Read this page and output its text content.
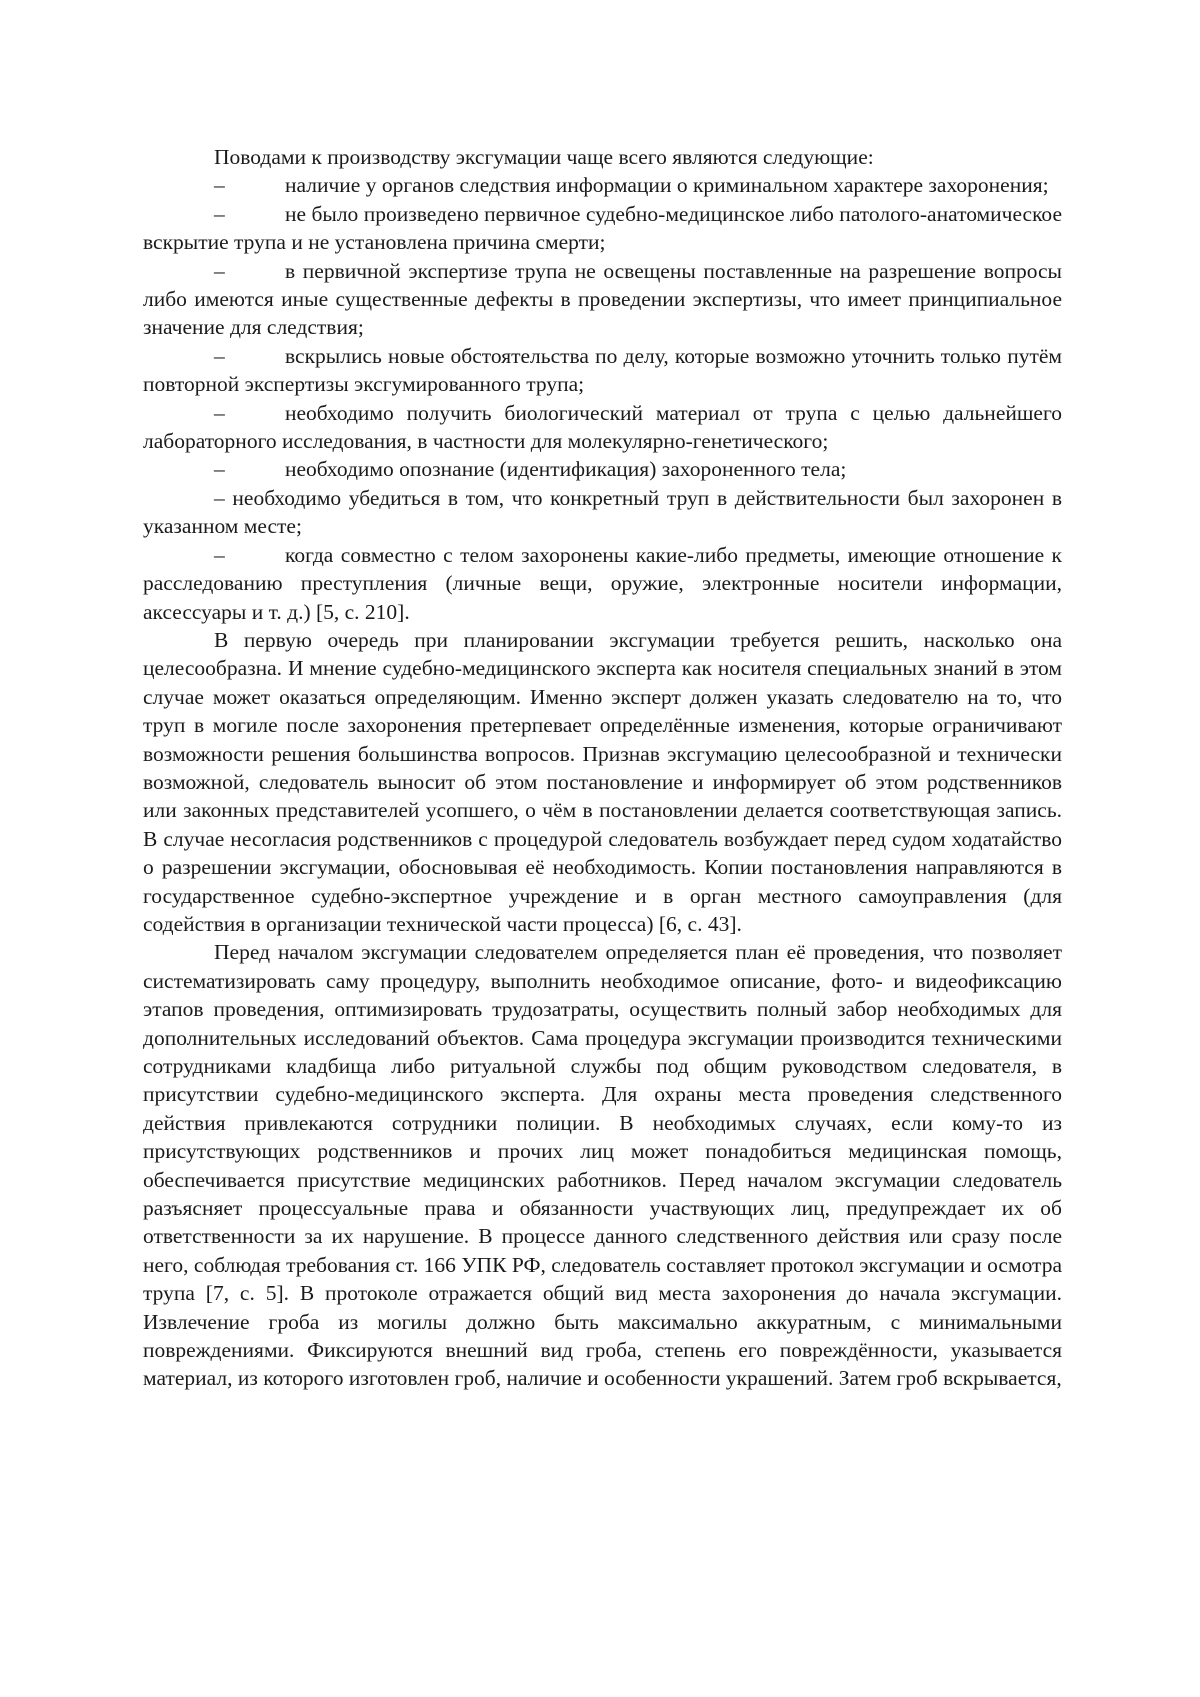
Поводами к производству эксгумации чаще всего являются следующие:

–	наличие у органов следствия информации о криминальном характере захоронения;

–	не было произведено первичное судебно-медицинское либо патолого-анатомическое вскрытие трупа и не установлена причина смерти;

–	в первичной экспертизе трупа не освещены поставленные на разрешение вопросы либо имеются иные существенные дефекты в проведении экспертизы, что имеет принципиальное значение для следствия;

–	вскрылись новые обстоятельства по делу, которые возможно уточнить только путём повторной экспертизы эксгумированного трупа;

–	необходимо получить биологический материал от трупа с целью дальнейшего лабораторного исследования, в частности для молекулярно-генетического;

–	необходимо опознание (идентификация) захороненного тела;

– необходимо убедиться в том, что конкретный труп в действительности был захоронен в указанном месте;

–	когда совместно с телом захоронены какие-либо предметы, имеющие отношение к расследованию преступления (личные вещи, оружие, электронные носители информации, аксессуары и т. д.) [5, с. 210].

В первую очередь при планировании эксгумации требуется решить, насколько она целесообразна. И мнение судебно-медицинского эксперта как носителя специальных знаний в этом случае может оказаться определяющим. Именно эксперт должен указать следователю на то, что труп в могиле после захоронения претерпевает определённые изменения, которые ограничивают возможности решения большинства вопросов. Признав эксгумацию целесообразной и технически возможной, следователь выносит об этом постановление и информирует об этом родственников или законных представителей усопшего, о чём в постановлении делается соответствующая запись. В случае несогласия родственников с процедурой следователь возбуждает перед судом ходатайство о разрешении эксгумации, обосновывая её необходимость. Копии постановления направляются в государственное судебно-экспертное учреждение и в орган местного самоуправления (для содействия в организации технической части процесса) [6, с. 43].

Перед началом эксгумации следователем определяется план её проведения, что позволяет систематизировать саму процедуру, выполнить необходимое описание, фото- и видеофиксацию этапов проведения, оптимизировать трудозатраты, осуществить полный забор необходимых для дополнительных исследований объектов. Сама процедура эксгумации производится техническими сотрудниками кладбища либо ритуальной службы под общим руководством следователя, в присутствии судебно-медицинского эксперта. Для охраны места проведения следственного действия привлекаются сотрудники полиции. В необходимых случаях, если кому-то из присутствующих родственников и прочих лиц может понадобиться медицинская помощь, обеспечивается присутствие медицинских работников. Перед началом эксгумации следователь разъясняет процессуальные права и обязанности участвующих лиц, предупреждает их об ответственности за их нарушение. В процессе данного следственного действия или сразу после него, соблюдая требования ст. 166 УПК РФ, следователь составляет протокол эксгумации и осмотра трупа [7, с. 5]. В протоколе отражается общий вид места захоронения до начала эксгумации. Извлечение гроба из могилы должно быть максимально аккуратным, с минимальными повреждениями. Фиксируются внешний вид гроба, степень его повреждённости, указывается материал, из которого изготовлен гроб, наличие и особенности украшений. Затем гроб вскрывается,
